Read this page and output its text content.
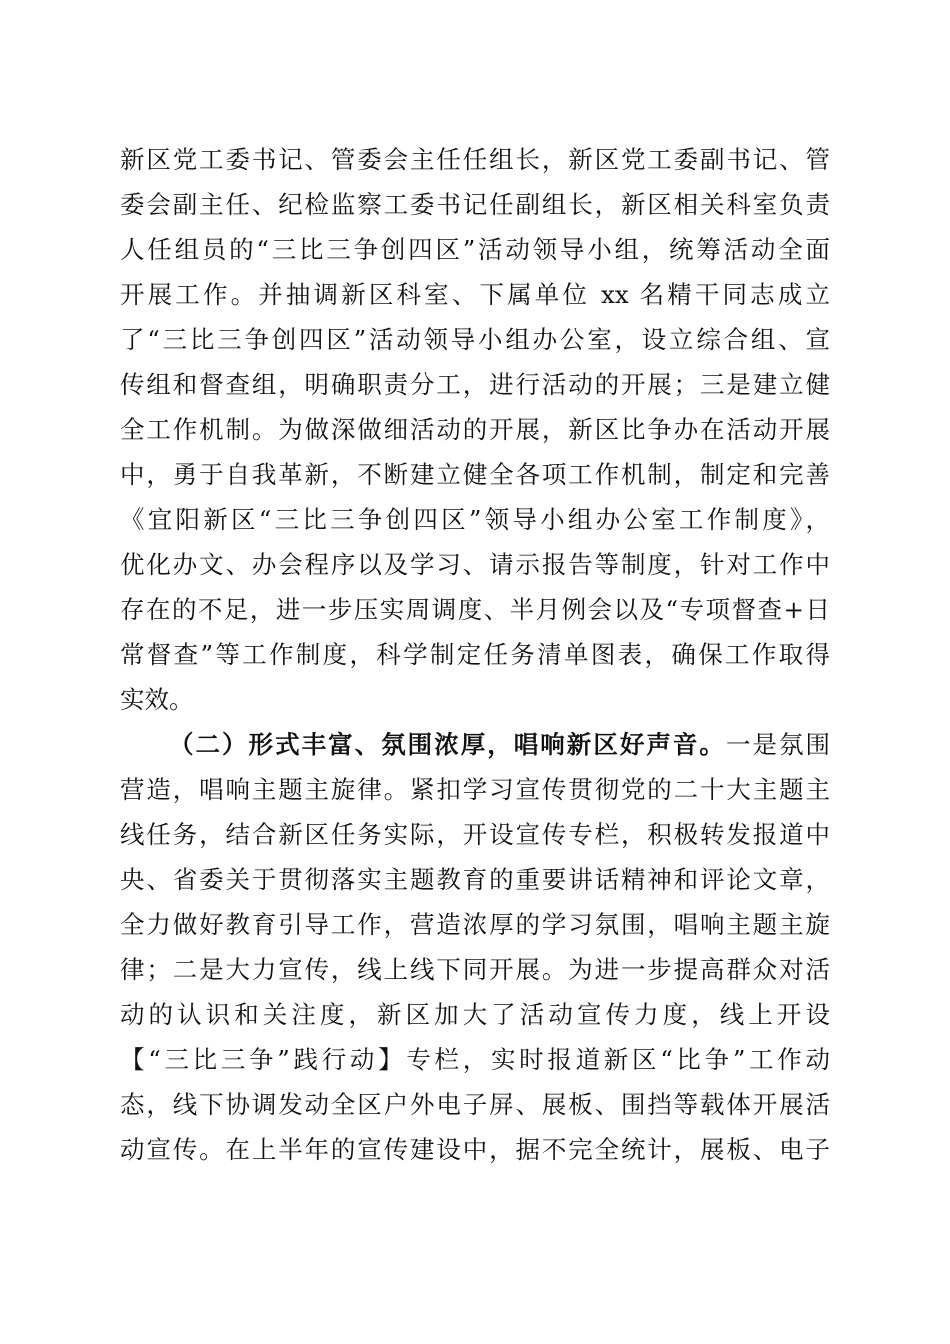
新区党工委书记、管委会主任任组长，新区党工委副书记、管
委会副主任、纪检监察工委书记任副组长，新区相关科室负责
人任组员的“三比三争创四区”活动领导小组，统筹活动全面
开展工作。并抽调新区科室、下属单位 xx 名精干同志成立
了“三比三争创四区”活动领导小组办公室，设立综合组、宣
传组和督查组，明确职责分工，进行活动的开展；三是建立健
全工作机制。为做深做细活动的开展，新区比争办在活动开展
中，勇于自我革新，不断建立健全各项工作机制，制定和完善
《宜阳新区“三比三争创四区”领导小组办公室工作制度》，
优化办文、办会程序以及学习、请示报告等制度，针对工作中
存在的不足，进一步压实周调度、半月例会以及“专项督查+日
常督查”等工作制度，科学制定任务清单图表，确保工作取得
实效。
（二）形式丰富、氛围浓厚，唱响新区好声音。一是氛围
营造，唱响主题主旋律。紧扣学习宣传贯彻党的二十大主题主
线任务，结合新区任务实际，开设宣传专栏，积极转发报道中
央、省委关于贯彻落实主题教育的重要讲话精神和评论文章，
全力做好教育引导工作，营造浓厚的学习氛围，唱响主题主旋
律；二是大力宣传，线上线下同开展。为进一步提高群众对活
动的认识和关注度，新区加大了活动宣传力度，线上开设
【“三比三争”践行动】专栏，实时报道新区“比争”工作动
态，线下协调发动全区户外电子屏、展板、围挡等载体开展活
动宣传。在上半年的宣传建设中，据不完全统计，展板、电子
